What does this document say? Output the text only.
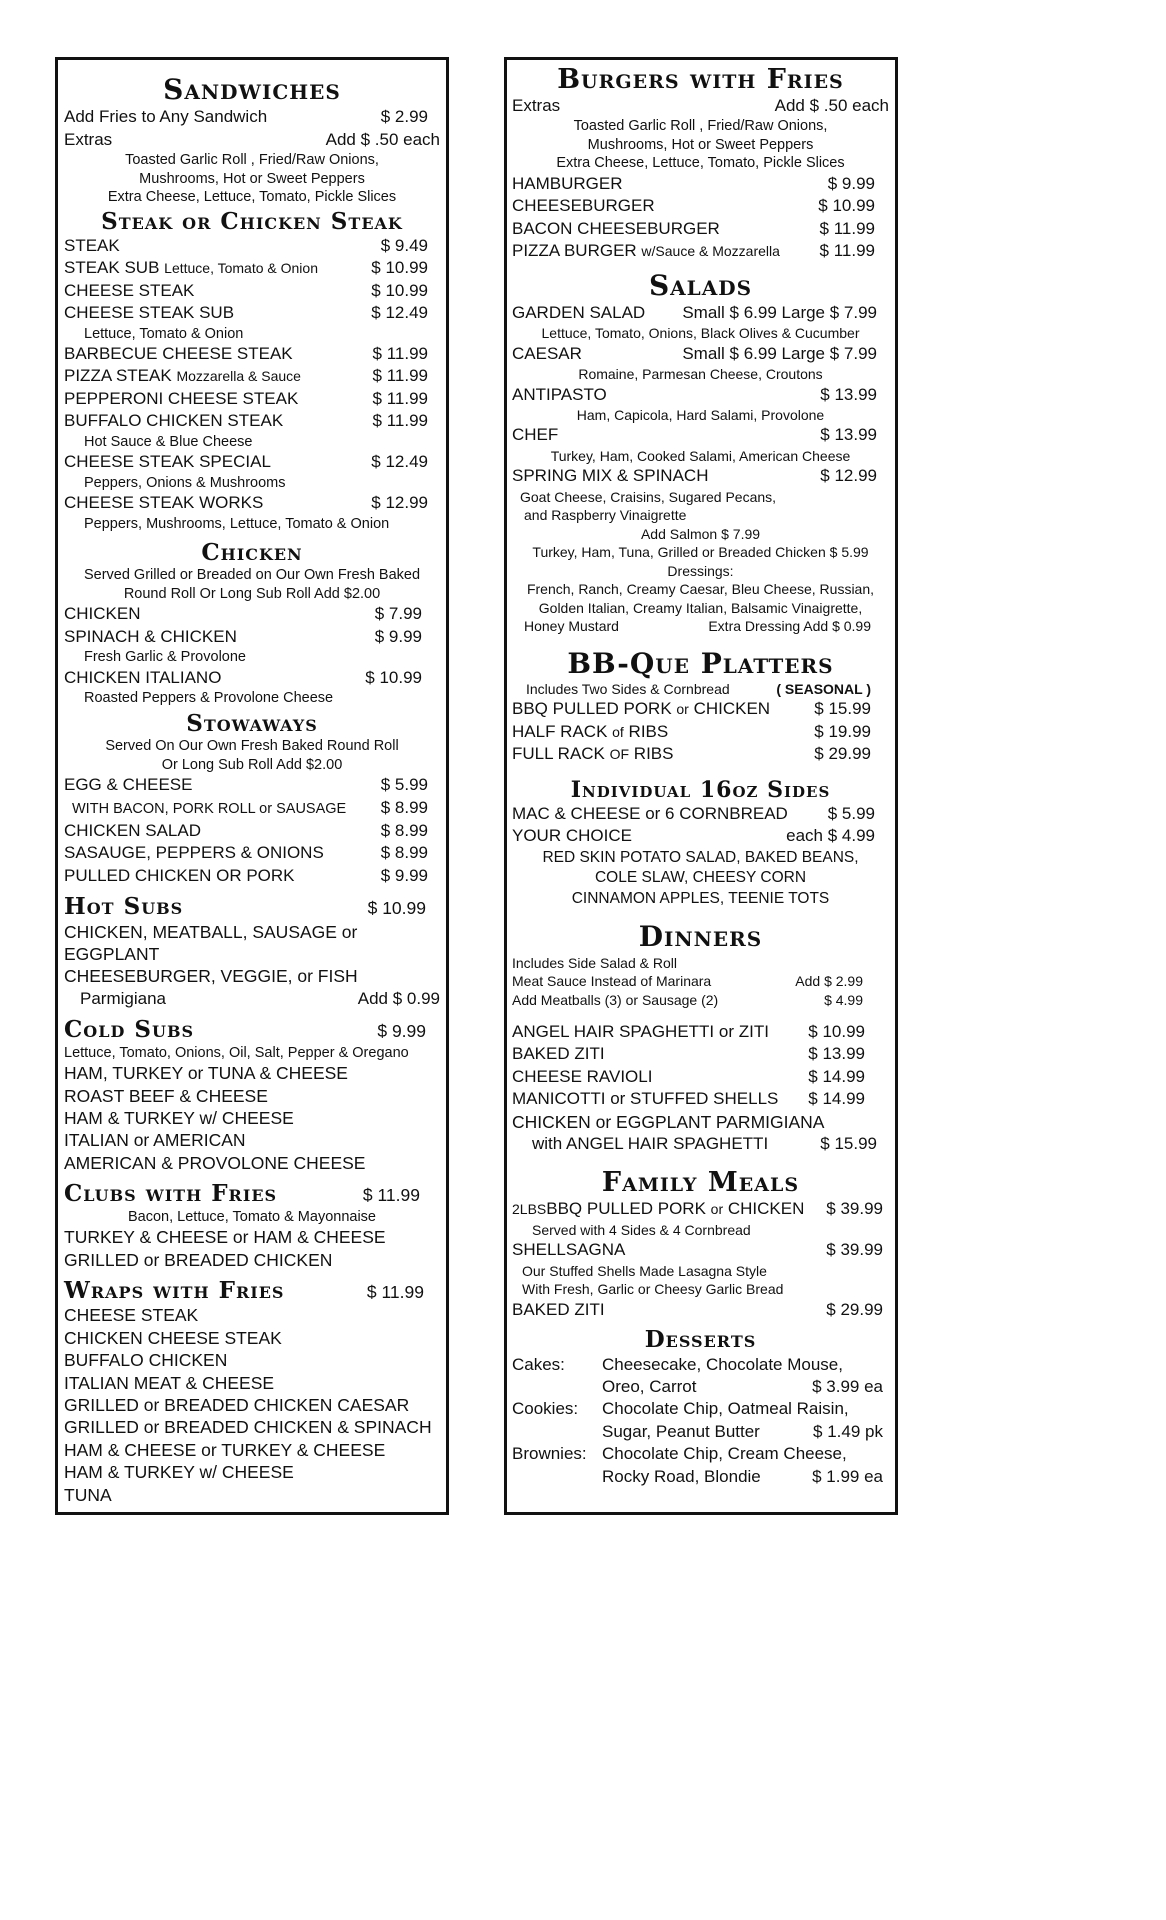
Sandwiches
Add Fries to Any Sandwich	$ 2.99
Extras	Add $ .50 each
Toasted Garlic Roll , Fried/Raw Onions,
Mushrooms, Hot or Sweet Peppers
Extra Cheese, Lettuce, Tomato, Pickle Slices
Steak or Chicken Steak
STEAK	$ 9.49
STEAK SUB Lettuce, Tomato & Onion	$ 10.99
CHEESE STEAK	$ 10.99
CHEESE STEAK SUB	$ 12.49
Lettuce, Tomato & Onion
BARBECUE CHEESE STEAK	$ 11.99
PIZZA STEAK Mozzarella & Sauce	$ 11.99
PEPPERONI CHEESE STEAK	$ 11.99
BUFFALO CHICKEN STEAK	$ 11.99
Hot Sauce & Blue Cheese
CHEESE STEAK SPECIAL	$ 12.49
Peppers, Onions & Mushrooms
CHEESE STEAK WORKS	$ 12.99
Peppers, Mushrooms, Lettuce, Tomato & Onion
Chicken
Served Grilled or Breaded on Our Own Fresh Baked
Round Roll Or Long Sub Roll Add $2.00
CHICKEN	$ 7.99
SPINACH & CHICKEN	$ 9.99
Fresh Garlic & Provolone
CHICKEN ITALIANO	$ 10.99
Roasted Peppers & Provolone Cheese
Stowaways
Served On Our Own Fresh Baked Round Roll
Or Long Sub Roll Add $2.00
EGG & CHEESE	$ 5.99
WITH BACON, PORK ROLL or SAUSAGE $ 8.99
CHICKEN SALAD	$ 8.99
SASAUGE, PEPPERS & ONIONS	$ 8.99
PULLED CHICKEN OR PORK	$ 9.99
Hot Subs	$ 10.99
CHICKEN, MEATBALL, SAUSAGE or EGGPLANT
CHEESEBURGER, VEGGIE, or FISH
Parmigiana	Add $ 0.99
Cold Subs	$ 9.99
Lettuce, Tomato, Onions, Oil, Salt, Pepper & Oregano
HAM, TURKEY or TUNA & CHEESE
ROAST BEEF & CHEESE
HAM & TURKEY w/ CHEESE
ITALIAN or AMERICAN
AMERICAN & PROVOLONE CHEESE
Clubs with Fries	$ 11.99
Bacon, Lettuce, Tomato & Mayonnaise
TURKEY & CHEESE or HAM & CHEESE
GRILLED or BREADED CHICKEN
Wraps with Fries	$ 11.99
CHEESE STEAK
CHICKEN CHEESE STEAK
BUFFALO CHICKEN
ITALIAN MEAT & CHEESE
GRILLED or BREADED CHICKEN CAESAR
GRILLED or BREADED CHICKEN & SPINACH
HAM & CHEESE or TURKEY & CHEESE
HAM & TURKEY w/ CHEESE
TUNA
Burgers with Fries
Extras	Add $ .50 each
Toasted Garlic Roll , Fried/Raw Onions,
Mushrooms, Hot or Sweet Peppers
Extra Cheese, Lettuce, Tomato, Pickle Slices
HAMBURGER	$ 9.99
CHEESEBURGER	$ 10.99
BACON CHEESEBURGER	$ 11.99
PIZZA BURGER w/Sauce & Mozzarella $ 11.99
Salads
GARDEN SALAD Small $ 6.99 Large $ 7.99
Lettuce, Tomato, Onions, Black Olives & Cucumber
CAESAR	Small $ 6.99 Large $ 7.99
Romaine, Parmesan Cheese, Croutons
ANTIPASTO	$ 13.99
Ham, Capicola, Hard Salami, Provolone
CHEF	$ 13.99
Turkey, Ham, Cooked Salami, American Cheese
SPRING MIX & SPINACH	$ 12.99
Goat Cheese, Craisins, Sugared Pecans,
and Raspberry Vinaigrette
Add Salmon $ 7.99
Turkey, Ham, Tuna, Grilled or Breaded Chicken $ 5.99
Dressings:
French, Ranch, Creamy Caesar, Bleu Cheese, Russian,
Golden Italian, Creamy Italian, Balsamic Vinaigrette,
Honey Mustard	Extra Dressing Add $ 0.99
BB-Que Platters
Includes Two Sides & Cornbread	( SEASONAL )
BBQ PULLED PORK or CHICKEN	$ 15.99
HALF RACK of RIBS	$ 19.99
FULL RACK OF RIBS	$ 29.99
Individual 16oz Sides
MAC & CHEESE or 6 CORNBREAD $ 5.99
YOUR CHOICE	each $ 4.99
RED SKIN POTATO SALAD, BAKED BEANS,
COLE SLAW, CHEESY CORN
CINNAMON APPLES, TEENIE TOTS
Dinners
Includes Side Salad & Roll
Meat Sauce Instead of Marinara	Add $ 2.99
Add Meatballs (3) or Sausage (2)	$ 4.99
ANGEL HAIR SPAGHETTI or ZITI $ 10.99
BAKED ZITI	$ 13.99
CHEESE RAVIOLI	$ 14.99
MANICOTTI or STUFFED SHELLS $ 14.99
CHICKEN or EGGPLANT PARMIGIANA
with ANGEL HAIR SPAGHETTI	$ 15.99
Family Meals
2LBSBBQ PULLED PORK or CHICKEN $ 39.99
Served with 4 Sides & 4 Cornbread
SHELLSAGNA	$ 39.99
Our Stuffed Shells Made Lasagna Style
With Fresh, Garlic or Cheesy Garlic Bread
BAKED ZITI	$ 29.99
Desserts
Cakes:	Cheesecake, Chocolate Mouse,
Oreo, Carrot	$ 3.99 ea
Cookies:	Chocolate Chip, Oatmeal Raisin,
Sugar, Peanut Butter	$ 1.49 pk
Brownies: Chocolate Chip, Cream Cheese,
Rocky Road, Blondie	$ 1.99 ea
